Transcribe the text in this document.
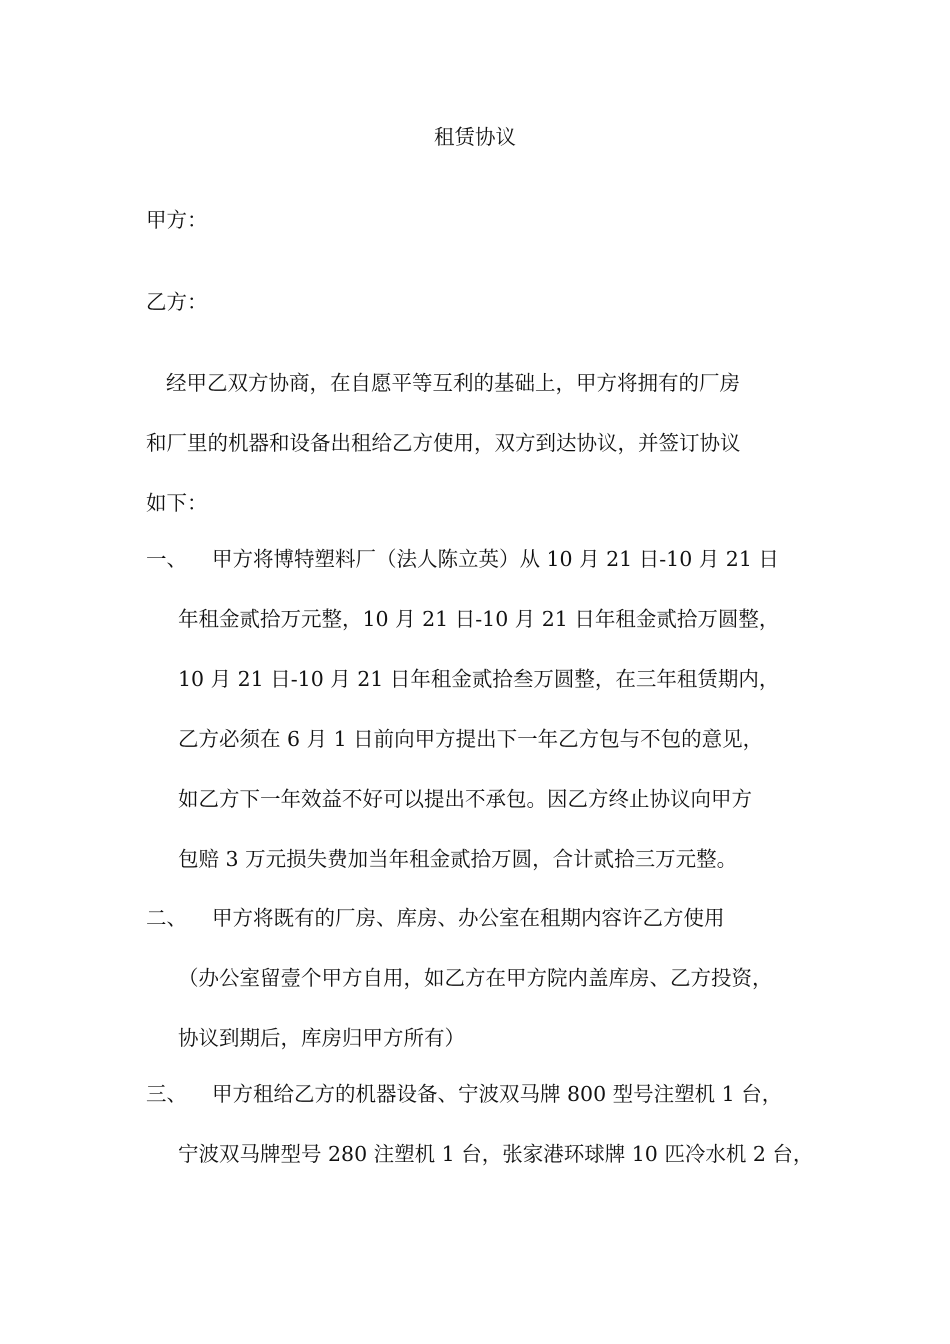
租赁协议
甲方：
乙方：
经甲乙双方协商，在自愿平等互利的基础上，甲方将拥有的厂房
和厂里的机器和设备出租给乙方使用，双方到达协议，并签订协议
如下：
一、 甲方将博特塑料厂（法人陈立英）从 10 月 21 日-10 月 21 日
年租金贰拾万元整，10 月 21 日-10 月 21 日年租金贰拾万圆整，
10 月 21 日-10 月 21 日年租金贰拾叁万圆整，在三年租赁期内，
乙方必须在 6 月 1 日前向甲方提出下一年乙方包与不包的意见，
如乙方下一年效益不好可以提出不承包。因乙方终止协议向甲方
包赔 3 万元损失费加当年租金贰拾万圆，合计贰拾三万元整。
二、 甲方将既有的厂房、库房、办公室在租期内容许乙方使用
（办公室留壹个甲方自用，如乙方在甲方院内盖库房、乙方投资，
协议到期后，库房归甲方所有）
三、 甲方租给乙方的机器设备、宁波双马牌 800 型号注塑机 1 台，
宁波双马牌型号 280 注塑机 1 台，张家港环球牌 10 匹冷水机 2 台，
